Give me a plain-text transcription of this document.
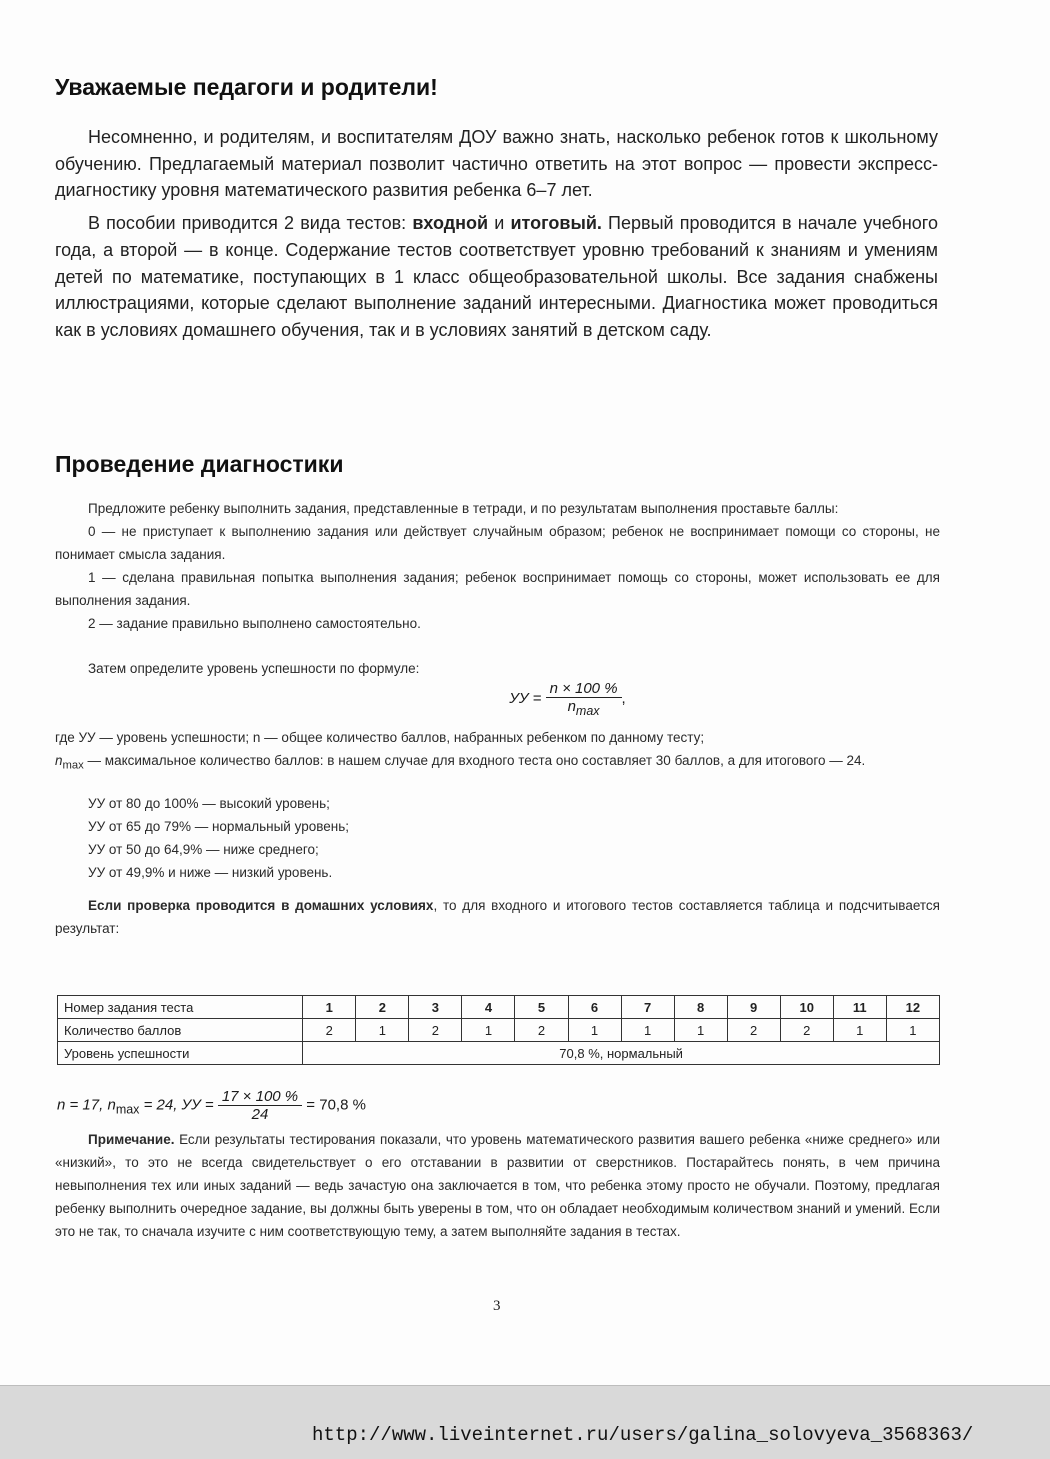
Уважаемые педагоги и родители!

Несомненно, и родителям, и воспитателям ДОУ важно знать, насколько ребенок готов к школьному обучению. Предлагаемый материал позволит частично ответить на этот вопрос — провести экспресс-диагностику уровня математического развития ребенка 6–7 лет.

В пособии приводится 2 вида тестов: входной и итоговый. Первый проводится в начале учебного года, а второй — в конце. Содержание тестов соответствует уровню требований к знаниям и умениям детей по математике, поступающих в 1 класс общеобразовательной школы. Все задания снабжены иллюстрациями, которые сделают выполнение заданий интересными. Диагностика может проводиться как в условиях домашнего обучения, так и в условиях занятий в детском саду.

Проведение диагностики

Предложите ребенку выполнить задания, представленные в тетради, и по результатам выполнения проставьте баллы:

0 — не приступает к выполнению задания или действует случайным образом; ребенок не воспринимает помощи со стороны, не понимает смысла задания.

1 — сделана правильная попытка выполнения задания; ребенок воспринимает помощь со стороны, может использовать ее для выполнения задания.

2 — задание правильно выполнено самостоятельно.

Затем определите уровень успешности по формуле:

УУ = $\frac{n \times 100 \%}{n_{max}}$ ,

где УУ — уровень успешности; n — общее количество баллов, набранных ребенком по данному тесту;

$n_{max}$ — максимальное количество баллов: в нашем случае для входного теста оно составляет 30 баллов, а для итогового — 24.

УУ от 80 до 100% — высокий уровень;

УУ от 65 до 79% — нормальный уровень;

УУ от 50 до 64,9% — ниже среднего;

УУ от 49,9% и ниже — низкий уровень.

Если проверка проводится в домашних условиях, то для входного и итогового тестов составляется таблица и подсчитывается результат:

Номер задания теста	1	2	3	4	5	6	7	8	9	10	11	12
Количество баллов	2	1	2	1	2	1	1	1	2	2	1	1
Уровень успешности	70,8 %, нормальный											
n = 17, $n_{max} = 24$, УУ = $\frac{17 \times 100 \%}{24} = 70,8$ %

Примечание. Если результаты тестирования показали, что уровень математического развития вашего ребенка «ниже среднего» или «низкий», то это не всегда свидетельствует о его отставании в развитии от сверстников. Постарайтесь понять, в чем причина невыполнения тех или иных заданий — ведь зачастую она заключается в том, что ребенка этому просто не обучали. Поэтому, предлагая ребенку выполнить очередное задание, вы должны быть уверены в том, что он обладает необходимым количеством знаний и умений. Если это не так, то сначала изучите с ним соответствующую тему, а затем выполняйте задания в тестах.

3
http://www.liveinternet.ru/users/galina_solovyeva_3568363/
